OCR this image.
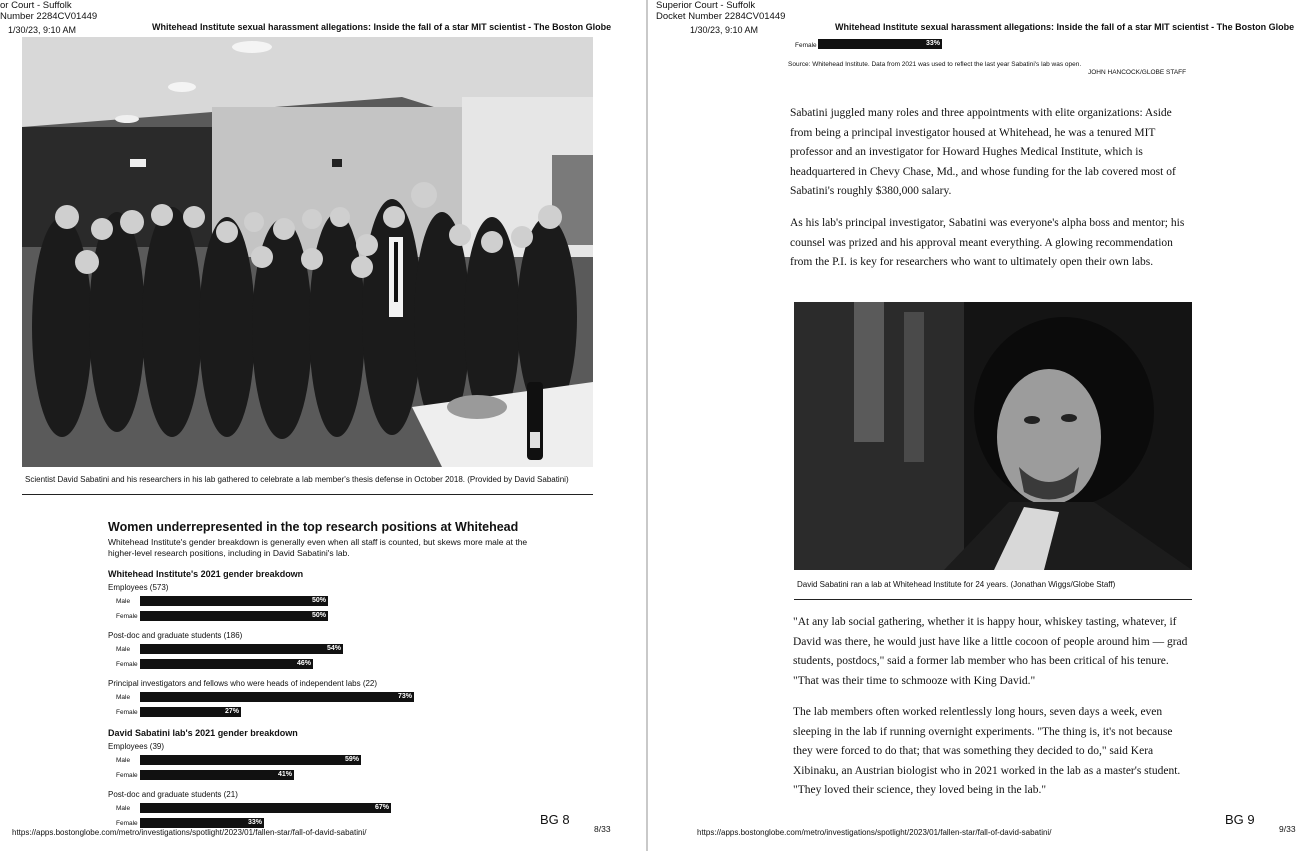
or Court - Suffolk
Number 2284CV01449
1/30/23, 9:10 AM	Whitehead Institute sexual harassment allegations: Inside the fall of a star MIT scientist - The Boston Globe
Scientist David Sabatini and his researchers in his lab gathered to celebrate a lab member's thesis defense in October 2018. (Provided by David Sabatini)
Women underrepresented in the top research positions at Whitehead
Whitehead Institute's gender breakdown is generally even when all staff is counted, but skews more male at the higher-level research positions, including in David Sabatini's lab.
Whitehead Institute's 2021 gender breakdown
Employees (573)
Male	50%
Female	50%
Post-doc and graduate students (186)
Male	54%
Female	46%
Principal investigators and fellows who were heads of independent labs (22)
Male	73%
Female	27%
David Sabatini lab's 2021 gender breakdown
Employees (39)
Male	59%
Female	41%
Post-doc and graduate students (21)
Male	67%
Female	33%	BG 8
8/33
https://apps.bostonglobe.com/metro/investigations/spotlight/2023/01/fallen-star/fall-of-david-sabatini/
Superior Court - Suffolk
Docket Number 2284CV01449
1/30/23, 9:10 AM	Whitehead Institute sexual harassment allegations: Inside the fall of a star MIT scientist - The Boston Globe
Female	33%
Source: Whitehead Institute. Data from 2021 was used to reflect the last year Sabatini's lab was open.
JOHN HANCOCK/GLOBE STAFF

Sabatini juggled many roles and three appointments with elite organizations: Aside from being a principal investigator housed at Whitehead, he was a tenured MIT professor and an investigator for Howard Hughes Medical Institute, which is headquartered in Chevy Chase, Md., and whose funding for the lab covered most of Sabatini's roughly $380,000 salary.

As his lab's principal investigator, Sabatini was everyone's alpha boss and mentor; his counsel was prized and his approval meant everything. A glowing recommendation from the P.I. is key for researchers who want to ultimately open their own labs.

David Sabatini ran a lab at Whitehead Institute for 24 years. (Jonathan Wiggs/Globe Staff)

"At any lab social gathering, whether it is happy hour, whiskey tasting, whatever, if David was there, he would just have like a little cocoon of people around him — grad students, postdocs," said a former lab member who has been critical of his tenure. "That was their time to schmooze with King David."

The lab members often worked relentlessly long hours, seven days a week, even sleeping in the lab if running overnight experiments. "The thing is, it's not because they were forced to do that; that was something they decided to do," said Kera Xibinaku, an Austrian biologist who in 2021 worked in the lab as a master's student. "They loved their science, they loved being in the lab."

BG 9
9/33
https://apps.bostonglobe.com/metro/investigations/spotlight/2023/01/fallen-star/fall-of-david-sabatini/
